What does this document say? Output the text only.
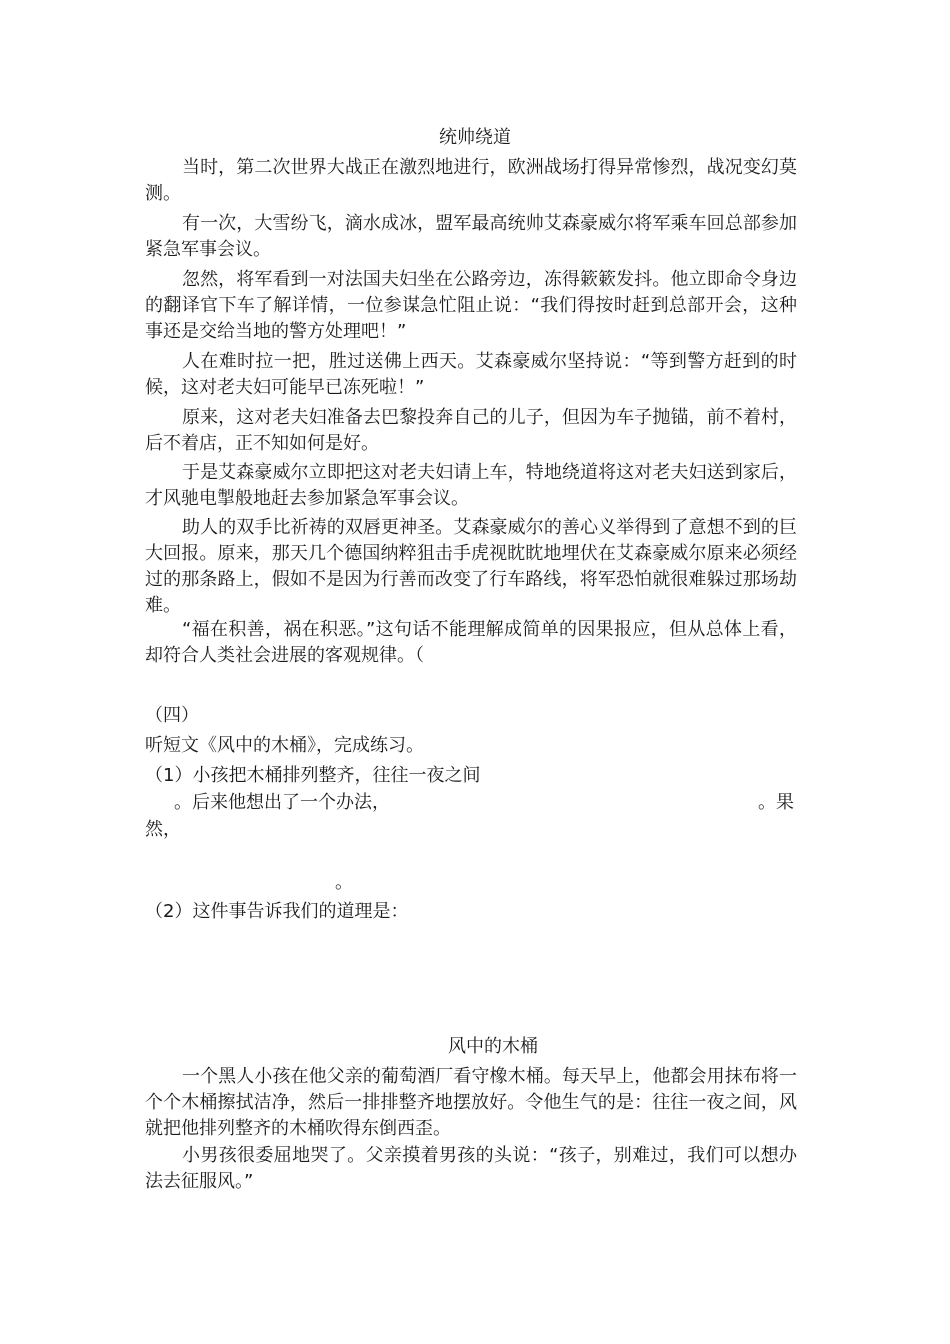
统帅绕道
当时，第二次世界大战正在激烈地进行，欧洲战场打得异常惨烈，战况变幻莫测。
有一次，大雪纷飞，滴水成冰，盟军最高统帅艾森豪威尔将军乘车回总部参加紧急军事会议。
忽然，将军看到一对法国夫妇坐在公路旁边，冻得簌簌发抖。他立即命令身边的翻译官下车了解详情，一位参谋急忙阻止说：“我们得按时赶到总部开会，这种事还是交给当地的警方处理吧！”
人在难时拉一把，胜过送佛上西天。艾森豪威尔坚持说：“等到警方赶到的时候，这对老夫妇可能早已冻死啦！”
原来，这对老夫妇准备去巴黎投奔自己的儿子，但因为车子抛锚，前不着村，后不着店，正不知如何是好。
于是艾森豪威尔立即把这对老夫妇请上车，特地绕道将这对老夫妇送到家后，才风驰电掣般地赶去参加紧急军事会议。
助人的双手比祈祷的双唇更神圣。艾森豪威尔的善心义举得到了意想不到的巨大回报。原来，那天几个德国纳粹狙击手虎视眈眈地埋伏在艾森豪威尔原来必须经过的那条路上，假如不是因为行善而改变了行车路线，将军恐怕就很难躲过那场劫难。
“福在积善，祸在积恶。”这句话不能理解成简单的因果报应，但从总体上看，却符合人类社会进展的客观规律。（
（四）
听短文《风中的木桶》，完成练习。
（1）小孩把木桶排列整齐，往往一夜之间
。后来他想出了一个办法，	。果
然，
。
（2）这件事告诉我们的道理是：
风中的木桶
一个黑人小孩在他父亲的葡萄酒厂看守橡木桶。每天早上，他都会用抹布将一个个木桶擦拭洁净，然后一排排整齐地摆放好。令他生气的是：往往一夜之间，风就把他排列整齐的木桶吹得东倒西歪。
小男孩很委屈地哭了。父亲摸着男孩的头说：“孩子，别难过，我们可以想办法去征服风。”
